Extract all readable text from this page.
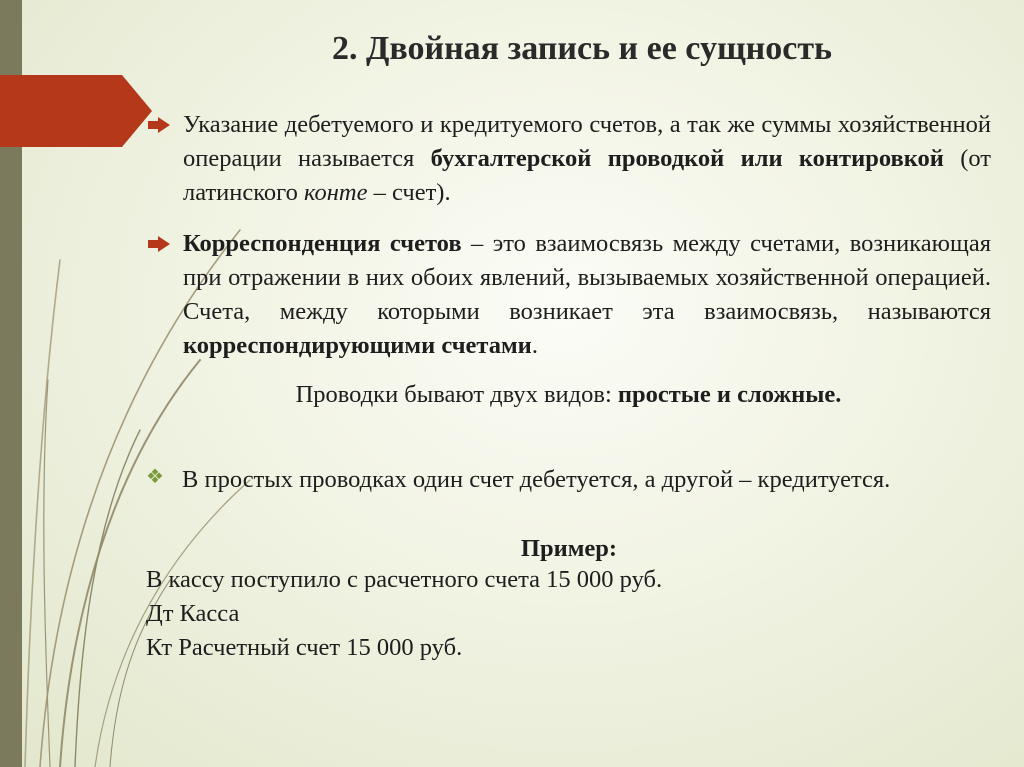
2. Двойная запись и ее сущность
Указание дебетуемого и кредитуемого счетов, а так же суммы хозяйственной операции называется бухгалтерской проводкой или контировкой (от латинского конте – счет).
Корреспонденция счетов – это взаимосвязь между счетами, возникающая при отражении в них обоих явлений, вызываемых хозяйственной операцией. Счета, между которыми возникает эта взаимосвязь, называются корреспондирующими счетами.
Проводки бывают двух видов: простые и сложные.
❖ В простых проводках один счет дебетуется, а другой – кредитуется.
Пример:
В кассу поступило с расчетного счета 15 000 руб.
Дт Касса
Кт Расчетный счет 15 000 руб.
